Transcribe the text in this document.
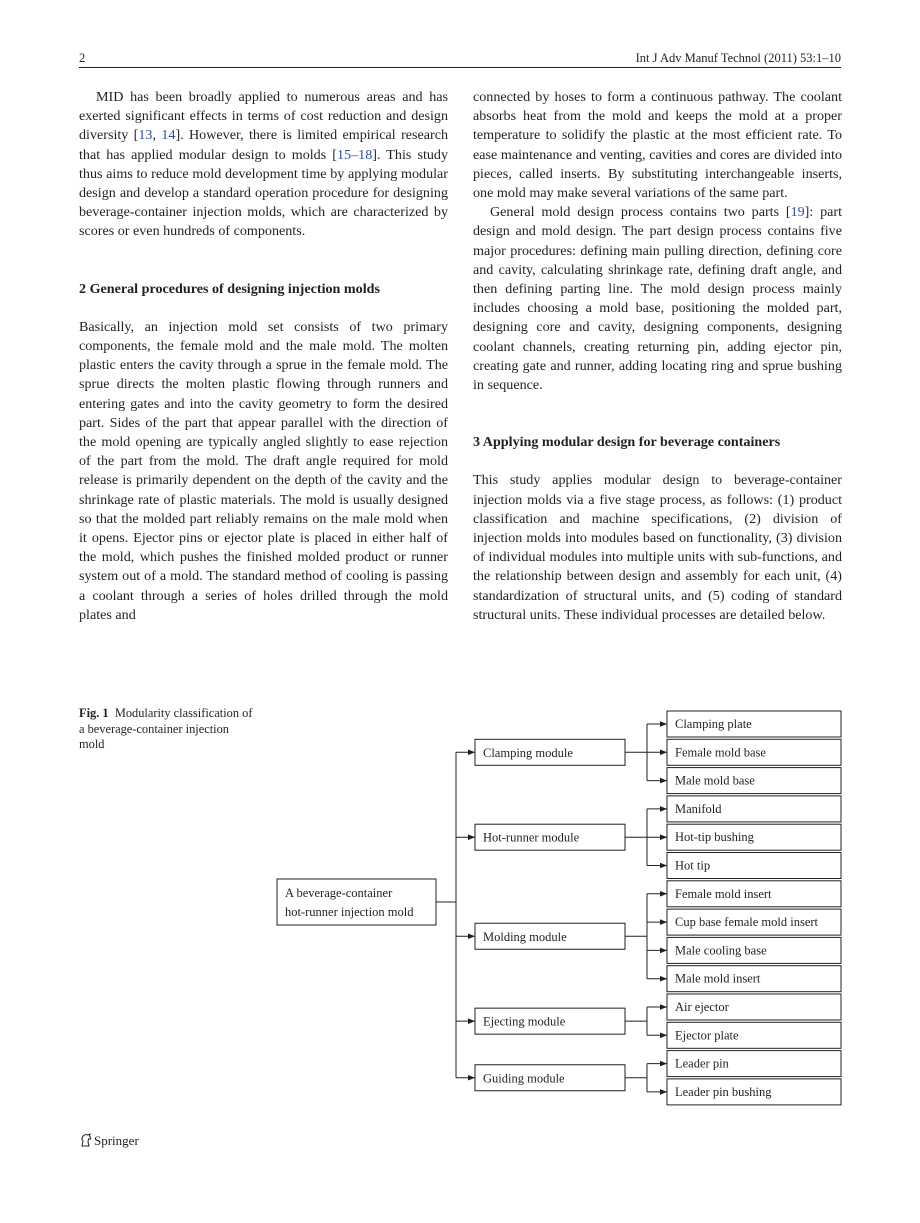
2	Int J Adv Manuf Technol (2011) 53:1–10

MID has been broadly applied to numerous areas and has exerted significant effects in terms of cost reduction and design diversity [13, 14]. However, there is limited empirical research that has applied modular design to molds [15–18]. This study thus aims to reduce mold development time by applying modular design and develop a standard operation procedure for designing beverage-container injection molds, which are characterized by scores or even hundreds of components.

2 General procedures of designing injection molds

Basically, an injection mold set consists of two primary components, the female mold and the male mold. The molten plastic enters the cavity through a sprue in the female mold. The sprue directs the molten plastic flowing through runners and entering gates and into the cavity geometry to form the desired part. Sides of the part that appear parallel with the direction of the mold opening are typically angled slightly to ease rejection of the part from the mold. The draft angle required for mold release is primarily dependent on the depth of the cavity and the shrinkage rate of plastic materials. The mold is usually designed so that the molded part reliably remains on the male mold when it opens. Ejector pins or ejector plate is placed in either half of the mold, which pushes the finished molded product or runner system out of a mold. The standard method of cooling is passing a coolant through a series of holes drilled through the mold plates and

connected by hoses to form a continuous pathway. The coolant absorbs heat from the mold and keeps the mold at a proper temperature to solidify the plastic at the most efficient rate. To ease maintenance and venting, cavities and cores are divided into pieces, called inserts. By substituting interchangeable inserts, one mold may make several variations of the same part.

General mold design process contains two parts [19]: part design and mold design. The part design process contains five major procedures: defining main pulling direction, defining core and cavity, calculating shrinkage rate, defining draft angle, and then defining parting line. The mold design process mainly includes choosing a mold base, positioning the molded part, designing core and cavity, designing components, designing coolant channels, creating returning pin, adding ejector pin, creating gate and runner, adding locating ring and sprue bushing in sequence.

3 Applying modular design for beverage containers

This study applies modular design to beverage-container injection molds via a five stage process, as follows: (1) product classification and machine specifications, (2) division of injection molds into modules based on functionality, (3) division of individual modules into multiple units with sub-functions, and the relationship between design and assembly for each unit, (4) standardization of structural units, and (5) coding of standard structural units. These individual processes are detailed below.

Fig. 1 Modularity classification of a beverage-container injection mold
Clamping plate
Female mold base
Male mold base
Clamping module
Manifold
Hot-tip bushing
Hot tip
Hot-runner module
Female mold insert
Cup base female mold insert
Male cooling base
Male mold insert
Molding module
Air ejector
Ejector plate
Ejecting module
Leader pin
Leader pin bushing
Guiding module
A beverage-container
hot-runner injection mold
Springer
